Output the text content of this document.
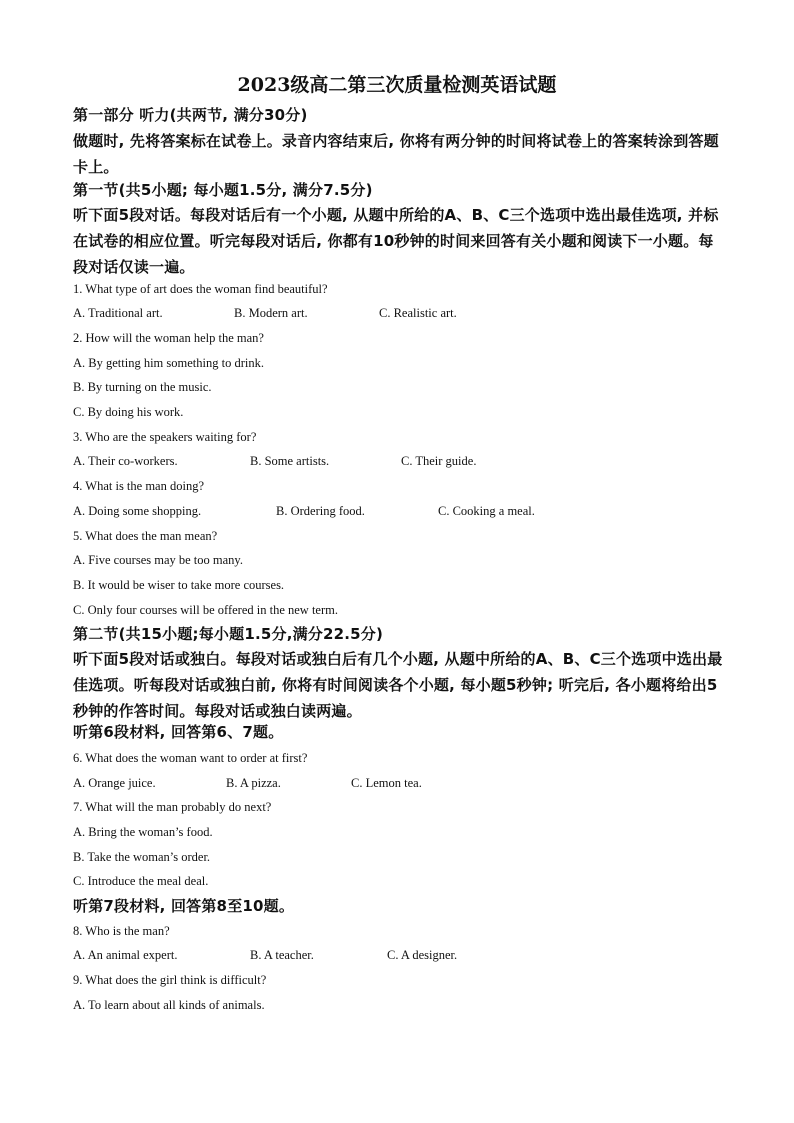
2023级高二第三次质量检测英语试题
第一部分 听力(共两节, 满分30分)
做题时, 先将答案标在试卷上。录音内容结束后, 你将有两分钟的时间将试卷上的答案转涂到答题卡上。
第一节(共5小题; 每小题1.5分, 满分7.5分)
听下面5段对话。每段对话后有一个小题, 从题中所给的A、B、C三个选项中选出最佳选项, 并标在试卷的相应位置。听完每段对话后, 你都有10秒钟的时间来回答有关小题和阅读下一小题。每段对话仅读一遍。
1. What type of art does the woman find beautiful?
A. Traditional art.	B. Modern art.	C. Realistic art.
2. How will the woman help the man?
A. By getting him something to drink.
B. By turning on the music.
C. By doing his work.
3. Who are the speakers waiting for?
A. Their co-workers.	B. Some artists.	C. Their guide.
4. What is the man doing?
A. Doing some shopping.	B. Ordering food.	C. Cooking a meal.
5. What does the man mean?
A. Five courses may be too many.
B. It would be wiser to take more courses.
C. Only four courses will be offered in the new term.
第二节(共15小题;每小题1.5分,满分22.5分)
听下面5段对话或独白。每段对话或独白后有几个小题, 从题中所给的A、B、C三个选项中选出最佳选项。听每段对话或独白前, 你将有时间阅读各个小题, 每小题5秒钟; 听完后, 各小题将给出5秒钟的作答时间。每段对话或独白读两遍。
听第6段材料, 回答第6、7题。
6. What does the woman want to order at first?
A. Orange juice.	B. A pizza.	C. Lemon tea.
7. What will the man probably do next?
A. Bring the woman’s food.
B. Take the woman’s order.
C. Introduce the meal deal.
听第7段材料, 回答第8至10题。
8. Who is the man?
A. An animal expert.	B. A teacher.	C. A designer.
9. What does the girl think is difficult?
A. To learn about all kinds of animals.
